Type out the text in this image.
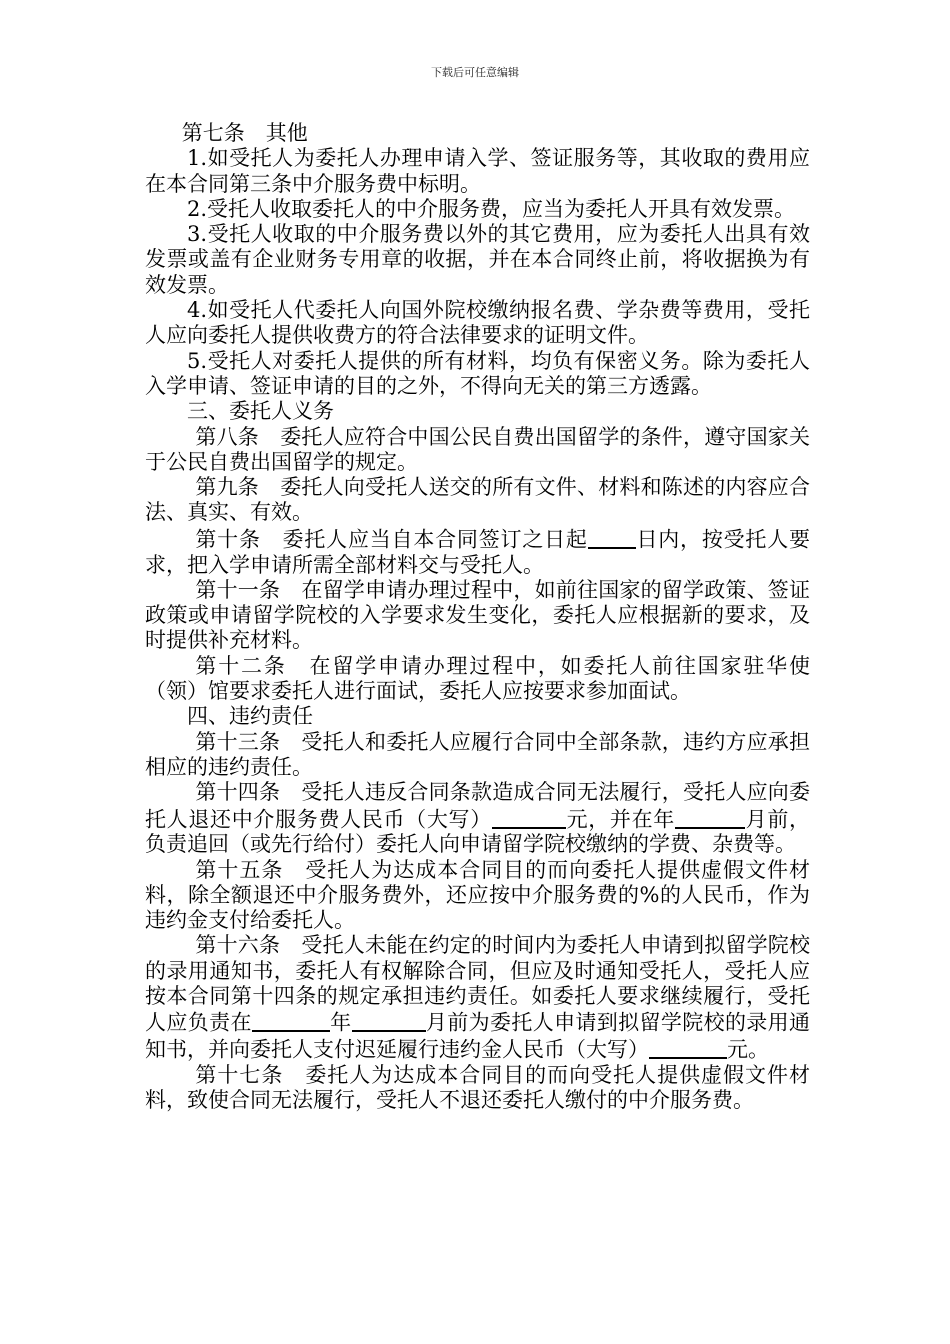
下载后可任意编辑

第七条　其他

1.如受托人为委托人办理申请入学、签证服务等，其收取的费用应在本合同第三条中介服务费中标明。

2.受托人收取委托人的中介服务费，应当为委托人开具有效发票。

3.受托人收取的中介服务费以外的其它费用，应为委托人出具有效发票或盖有企业财务专用章的收据，并在本合同终止前，将收据换为有效发票。

4.如受托人代委托人向国外院校缴纳报名费、学杂费等费用，受托人应向委托人提供收费方的符合法律要求的证明文件。

5.受托人对委托人提供的所有材料，均负有保密义务。除为委托人入学申请、签证申请的目的之外，不得向无关的第三方透露。

三、委托人义务

第八条　委托人应符合中国公民自费出国留学的条件，遵守国家关于公民自费出国留学的规定。

第九条　委托人向受托人送交的所有文件、材料和陈述的内容应合法、真实、有效。

第十条　委托人应当自本合同签订之日起 日内，按受托人要求，把入学申请所需全部材料交与受托人。

第十一条　在留学申请办理过程中，如前往国家的留学政策、签证政策或申请留学院校的入学要求发生变化，委托人应根据新的要求，及时提供补充材料。

第十二条　在留学申请办理过程中，如委托人前往国家驻华使（领）馆要求委托人进行面试，委托人应按要求参加面试。

四、违约责任

第十三条　受托人和委托人应履行合同中全部条款，违约方应承担相应的违约责任。

第十四条　受托人违反合同条款造成合同无法履行，受托人应向委托人退还中介服务费人民币（大写）	元，并在年	月前，负责追回（或先行给付）委托人向申请留学院校缴纳的学费、杂费等。

第十五条　受托人为达成本合同目的而向委托人提供虚假文件材料，除全额退还中介服务费外，还应按中介服务费的%的人民币，作为违约金支付给委托人。

第十六条　受托人未能在约定的时间内为委托人申请到拟留学院校的录用通知书，委托人有权解除合同，但应及时通知受托人，受托人应按本合同第十四条的规定承担违约责任。如委托人要求继续履行，受托人应负责在	年	月前为委托人申请到拟留学院校的录用通知书，并向委托人支付迟延履行违约金人民币（大写）	元。

第十七条　委托人为达成本合同目的而向受托人提供虚假文件材料，致使合同无法履行，受托人不退还委托人缴付的中介服务费。
